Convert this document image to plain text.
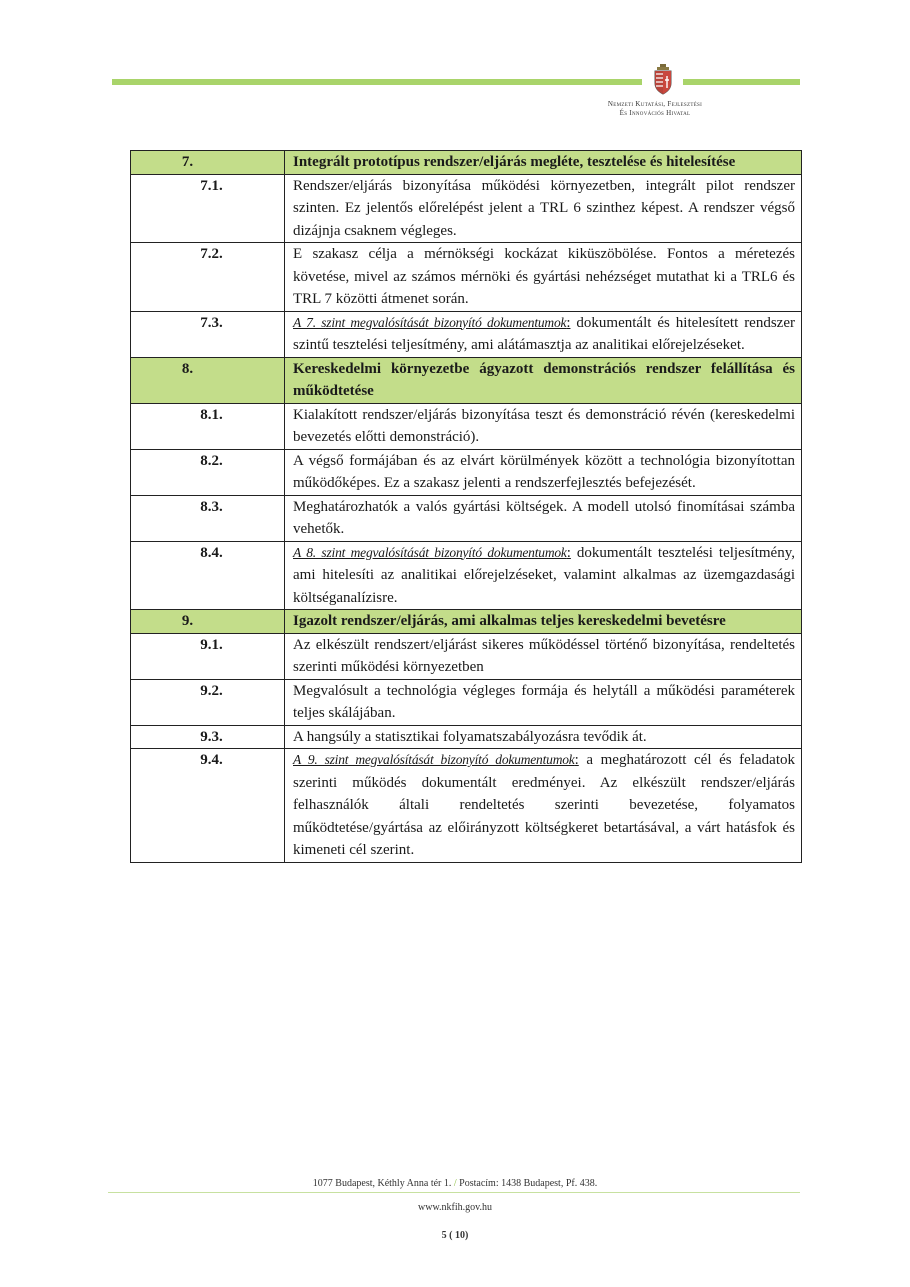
Nemzeti Kutatási, Fejlesztési
És Innovációs Hivatal
7.	Integrált prototípus rendszer/eljárás megléte, tesztelése és hitelesítése
7.1.	Rendszer/eljárás bizonyítása működési környezetben, integrált pilot rendszer szinten. Ez jelentős előrelépést jelent a TRL 6 szinthez képest. A rendszer végső dizájnja csaknem végleges.
7.2.	E szakasz célja a mérnökségi kockázat kiküszöbölése. Fontos a méretezés követése, mivel az számos mérnöki és gyártási nehézséget mutathat ki a TRL6 és TRL 7 közötti átmenet során.
7.3.	A 7. szint megvalósítását bizonyító dokumentumok: dokumentált és hitelesített rendszer szintű tesztelési teljesítmény, ami alátámasztja az analitikai előrejelzéseket.
8.	Kereskedelmi környezetbe ágyazott demonstrációs rendszer felállítása és működtetése
8.1.	Kialakított rendszer/eljárás bizonyítása teszt és demonstráció révén (kereskedelmi bevezetés előtti demonstráció).
8.2.	A végső formájában és az elvárt körülmények között a technológia bizonyítottan működőképes. Ez a szakasz jelenti a rendszerfejlesztés befejezését.
8.3.	Meghatározhatók a valós gyártási költségek. A modell utolsó finomításai számba vehetők.
8.4.	A 8. szint megvalósítását bizonyító dokumentumok: dokumentált tesztelési teljesítmény, ami hitelesíti az analitikai előrejelzéseket, valamint alkalmas az üzemgazdasági költséganalízisre.
9.	Igazolt rendszer/eljárás, ami alkalmas teljes kereskedelmi bevetésre
9.1.	Az elkészült rendszert/eljárást sikeres működéssel történő bizonyítása, rendeltetés szerinti működési környezetben
9.2.	Megvalósult a technológia végleges formája és helytáll a működési paraméterek teljes skálájában.
9.3.	A hangsúly a statisztikai folyamatszabályozásra tevődik át.
9.4.	A 9. szint megvalósítását bizonyító dokumentumok: a meghatározott cél és feladatok szerinti működés dokumentált eredményei. Az elkészült rendszer/eljárás felhasználók általi rendeltetés szerinti bevezetése, folyamatos működtetése/gyártása az előirányzott költségkeret betartásával, a várt hatásfok és kimeneti cél szerint.
1077 Budapest, Kéthly Anna tér 1. / Postacím: 1438 Budapest, Pf. 438.
www.nkfih.gov.hu
5 ( 10)
